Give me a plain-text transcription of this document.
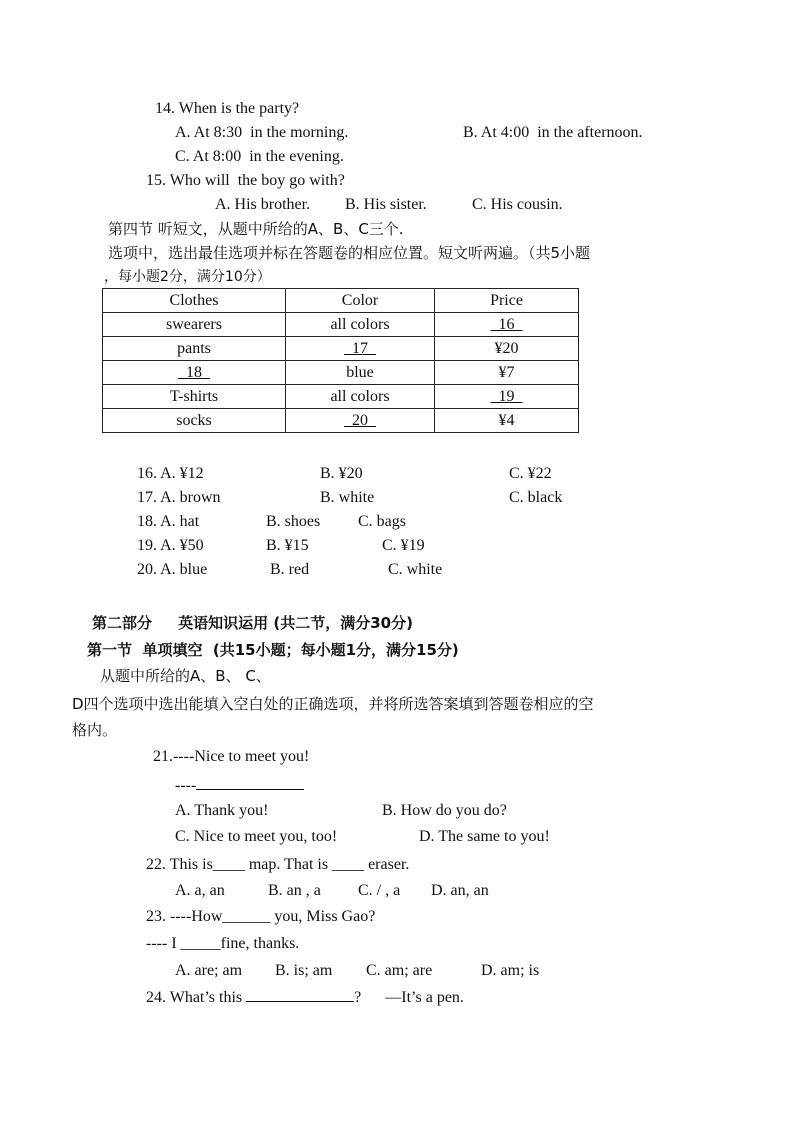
14. When is the party?
A. At 8:30  in the morning.	B. At 4:00  in the afternoon.
C. At 8:00  in the evening.
15. Who will  the boy go with?
A. His brother. B. His sister.	C. His cousin.
第四节 听短文，从题中所给的A、B、C三个.
选项中，选出最佳选项并标在答题卷的相应位置。短文听两遍。（共5小题
，每小题2分，满分10分）
Clothes	Color	Price
swearers	all colors	16
pants	17	¥20
18	blue	¥7
T-shirts	all colors	19
socks	20	¥4
16. A. ¥12	B. ¥20	C. ¥22
17. A. brown	B. white	C. black
18. A. hat	B. shoes C. bags
19. A. ¥50	B. ¥15	C. ¥19
20. A. blue	B. red	C. white
第二部分     英语知识运用 (共二节，满分30分)
第一节  单项填空  (共15小题；每小题1分，满分15分)
从题中所给的A、B、 C、
D四个选项中选出能填入空白处的正确选项，并将所选答案填到答题卷相应的空
格内。
21.----Nice to meet you!
----
A. Thank you!	B. How do you do?
C. Nice to meet you, too!	D. The same to you!
22. This is____ map. That is ____ eraser.
A. a, an	B. an , a C. / , a D. an, an
23. ----How______ you, Miss Gao?
---- I _____fine, thanks.
A. are; am B. is; am C. am; are	D. am; is
24. What’s this	? —It’s a pen.
